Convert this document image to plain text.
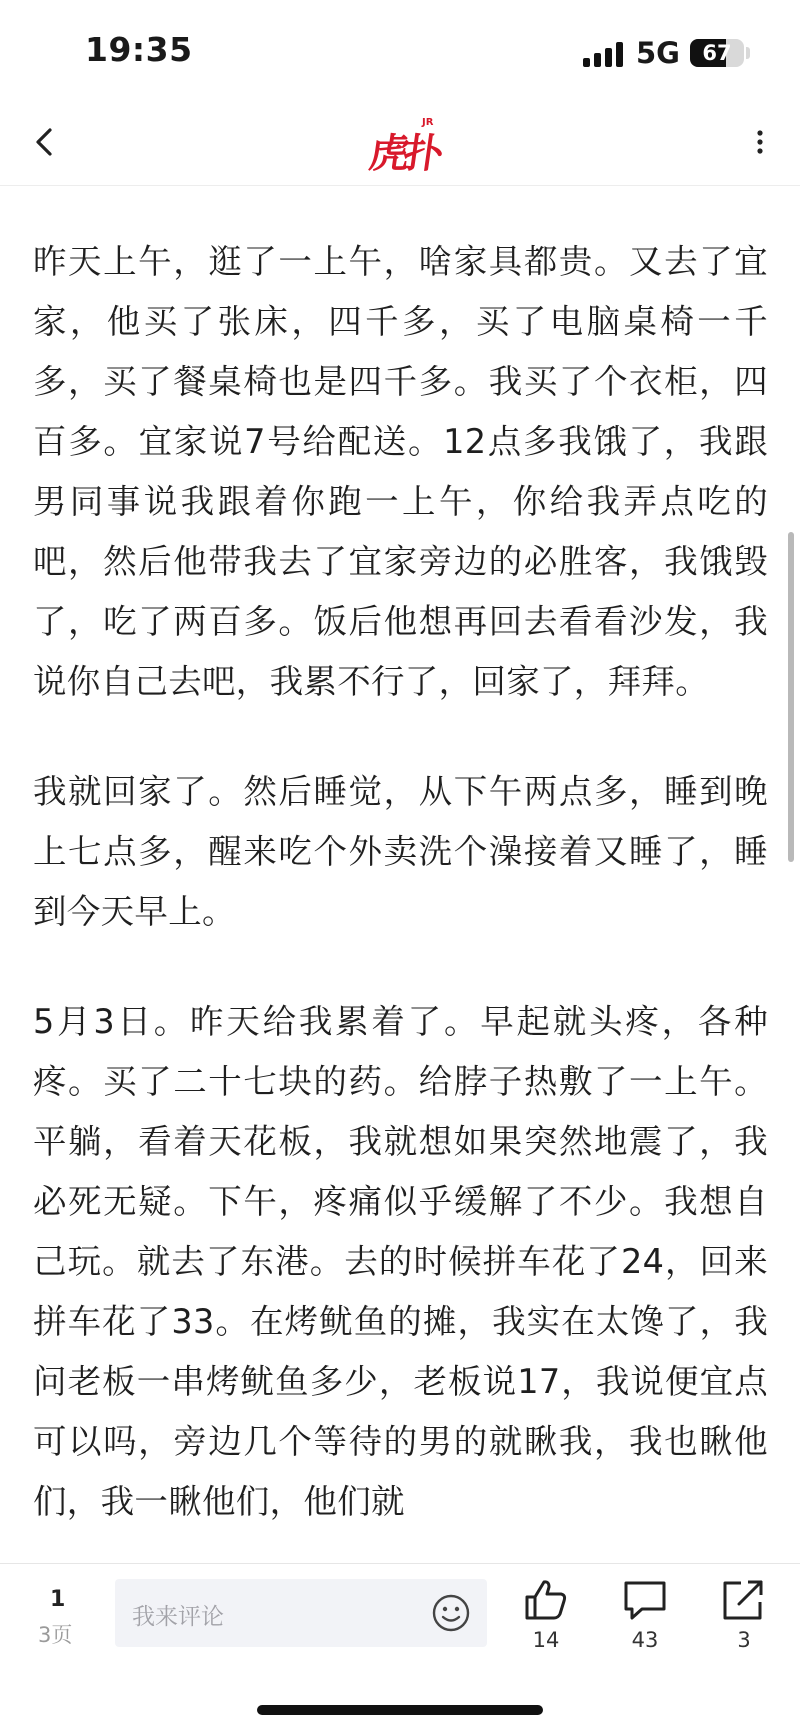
19:35	5G	67
JR
虎扑

昨天上午，逛了一上午，啥家具都贵。又去了宜家，他买了张床，四千多，买了电脑桌椅一千多，买了餐桌椅也是四千多。我买了个衣柜，四百多。宜家说7号给配送。12点多我饿了，我跟男同事说我跟着你跑一上午，你给我弄点吃的吧，然后他带我去了宜家旁边的必胜客，我饿毁了，吃了两百多。饭后他想再回去看看沙发，我说你自己去吧，我累不行了，回家了，拜拜。

我就回家了。然后睡觉，从下午两点多，睡到晚上七点多，醒来吃个外卖洗个澡接着又睡了，睡到今天早上。

5月3日。昨天给我累着了。早起就头疼，各种疼。买了二十七块的药。给脖子热敷了一上午。平躺，看着天花板，我就想如果突然地震了，我必死无疑。下午，疼痛似乎缓解了不少。我想自己玩。就去了东港。去的时候拼车花了24，回来拼车花了33。在烤鱿鱼的摊，我实在太馋了，我问老板一串烤鱿鱼多少，老板说17，我说便宜点可以吗，旁边几个等待的男的就瞅我，我也瞅他们，我一瞅他们，他们就

1
3页
我来评论
14	43	3
